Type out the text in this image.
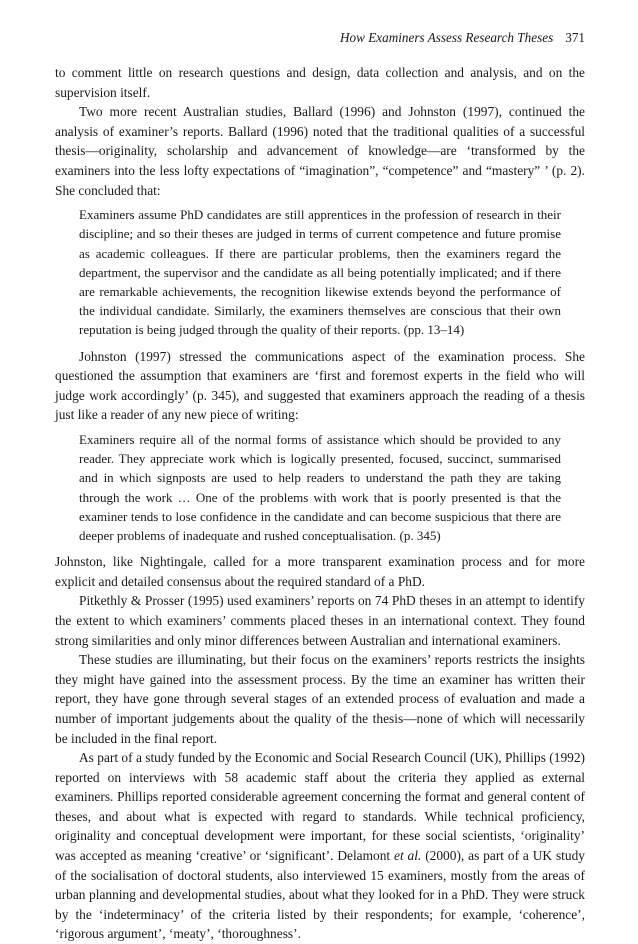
How Examiners Assess Research Theses 371

to comment little on research questions and design, data collection and analysis, and on the supervision itself.

Two more recent Australian studies, Ballard (1996) and Johnston (1997), continued the analysis of examiner’s reports. Ballard (1996) noted that the traditional qualities of a successful thesis—originality, scholarship and advancement of knowledge—are ‘transformed by the examiners into the less lofty expectations of “imagination”, “competence” and “mastery” ’ (p. 2). She concluded that:

Examiners assume PhD candidates are still apprentices in the profession of research in their discipline; and so their theses are judged in terms of current competence and future promise as academic colleagues. If there are particular problems, then the examiners regard the department, the supervisor and the candidate as all being potentially implicated; and if there are remarkable achievements, the recognition likewise extends beyond the performance of the individual candidate. Similarly, the examiners themselves are conscious that their own reputation is being judged through the quality of their reports. (pp. 13–14)

Johnston (1997) stressed the communications aspect of the examination process. She questioned the assumption that examiners are ‘first and foremost experts in the field who will judge work accordingly’ (p. 345), and suggested that examiners approach the reading of a thesis just like a reader of any new piece of writing:

Examiners require all of the normal forms of assistance which should be provided to any reader. They appreciate work which is logically presented, focused, succinct, summarised and in which signposts are used to help readers to understand the path they are taking through the work … One of the problems with work that is poorly presented is that the examiner tends to lose confidence in the candidate and can become suspicious that there are deeper problems of inadequate and rushed conceptualisation. (p. 345)

Johnston, like Nightingale, called for a more transparent examination process and for more explicit and detailed consensus about the required standard of a PhD.

Pitkethly & Prosser (1995) used examiners’ reports on 74 PhD theses in an attempt to identify the extent to which examiners’ comments placed theses in an international context. They found strong similarities and only minor differences between Australian and international examiners.

These studies are illuminating, but their focus on the examiners’ reports restricts the insights they might have gained into the assessment process. By the time an examiner has written their report, they have gone through several stages of an extended process of evaluation and made a number of important judgements about the quality of the thesis—none of which will necessarily be included in the final report.

As part of a study funded by the Economic and Social Research Council (UK), Phillips (1992) reported on interviews with 58 academic staff about the criteria they applied as external examiners. Phillips reported considerable agreement concerning the format and general content of theses, and about what is expected with regard to standards. While technical proficiency, originality and conceptual development were important, for these social scientists, ‘originality’ was accepted as meaning ‘creative’ or ‘significant’. Delamont et al. (2000), as part of a UK study of the socialisation of doctoral students, also interviewed 15 examiners, mostly from the areas of urban planning and developmental studies, about what they looked for in a PhD. They were struck by the ‘indeterminacy’ of the criteria listed by their respondents; for example, ‘coherence’, ‘rigorous argument’, ‘meaty’, ‘thoroughness’.
